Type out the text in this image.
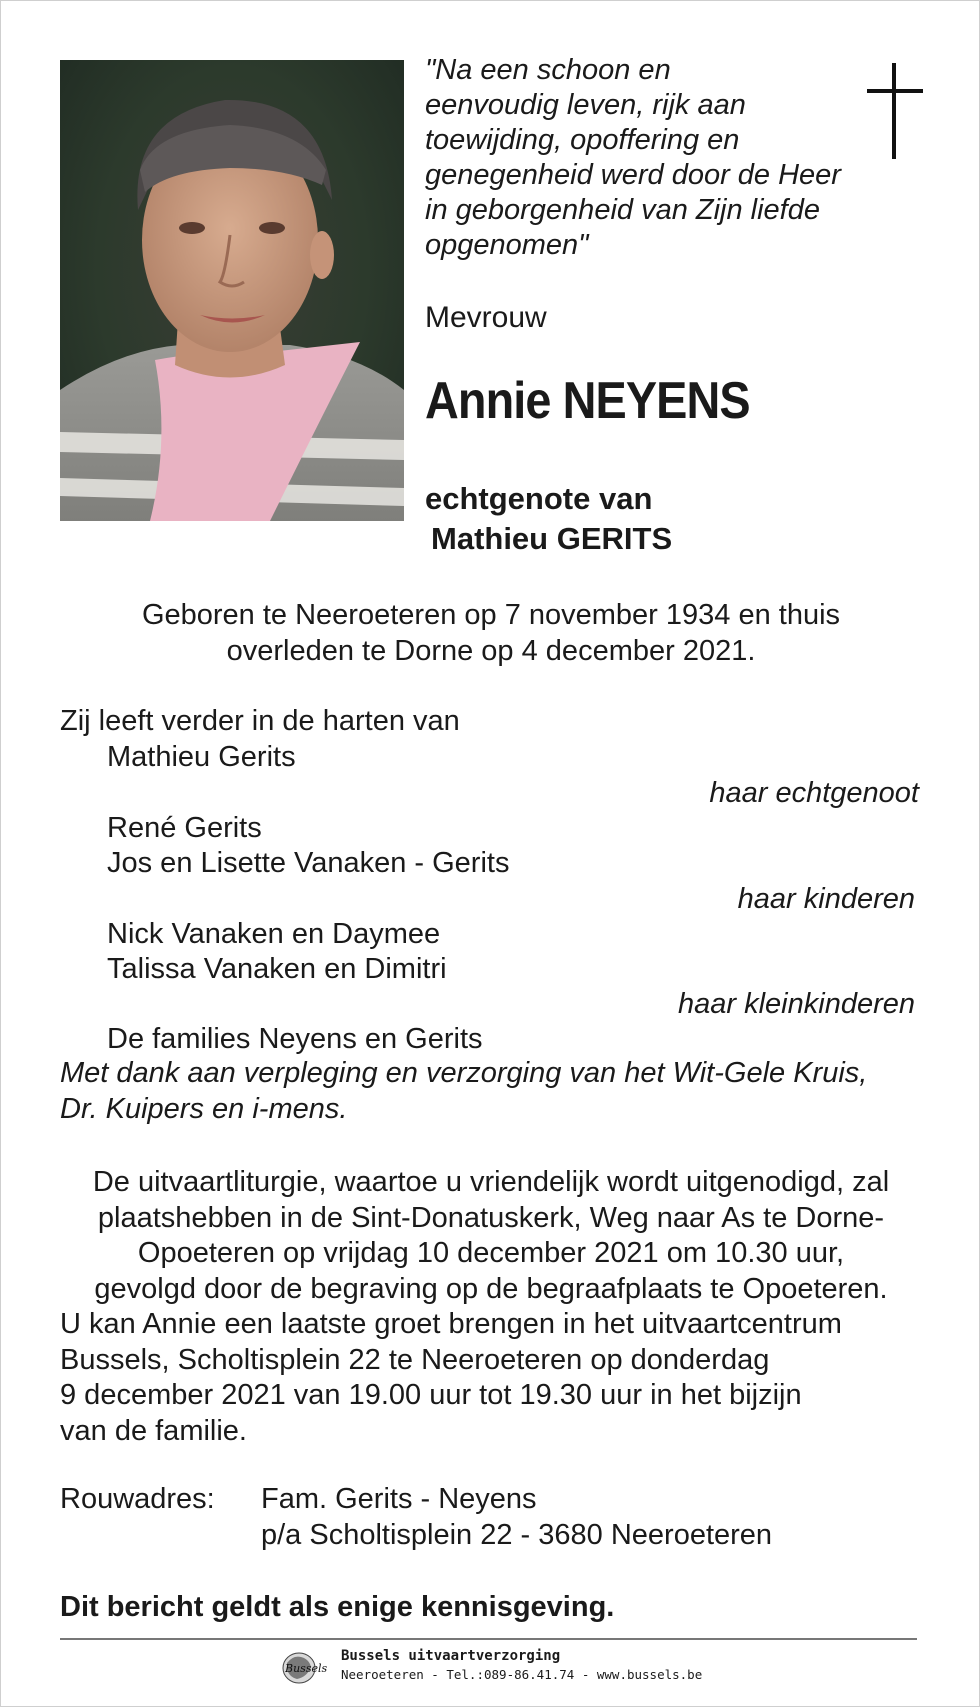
"Na een schoon en
eenvoudig leven, rijk aan
toewijding, opoffering en
genegenheid werd door de Heer
in geborgenheid van Zijn liefde
opgenomen"

Mevrouw

Annie NEYENS

echtgenote van

Mathieu GERITS

Geboren te Neeroeteren op 7 november 1934 en thuis
overleden te Dorne op 4 december 2021.

Zij leeft verder in de harten van

Mathieu Gerits

haar echtgenoot

René Gerits

Jos en Lisette Vanaken - Gerits

haar kinderen

Nick Vanaken en Daymee

Talissa Vanaken en Dimitri

haar kleinkinderen

De families Neyens en Gerits

Met dank aan verpleging en verzorging van het Wit-Gele Kruis,
Dr. Kuipers en i-mens.

De uitvaartliturgie, waartoe u vriendelijk wordt uitgenodigd, zal
plaatshebben in de Sint-Donatuskerk, Weg naar As te Dorne-
Opoeteren op vrijdag 10 december 2021 om 10.30 uur,
gevolgd door de begraving op de begraafplaats te Opoeteren.
U kan Annie een laatste groet brengen in het uitvaartcentrum
Bussels, Scholtisplein 22 te Neeroeteren op donderdag
9 december 2021 van 19.00 uur tot 19.30 uur in het bijzijn
van de familie.

Rouwadres: Fam. Gerits - Neyens

p/a Scholtisplein 22 - 3680 Neeroeteren

Dit bericht geldt als enige kennisgeving.

Bussels

Bussels uitvaartverzorging

Neeroeteren - Tel.:089-86.41.74 - www.bussels.be
